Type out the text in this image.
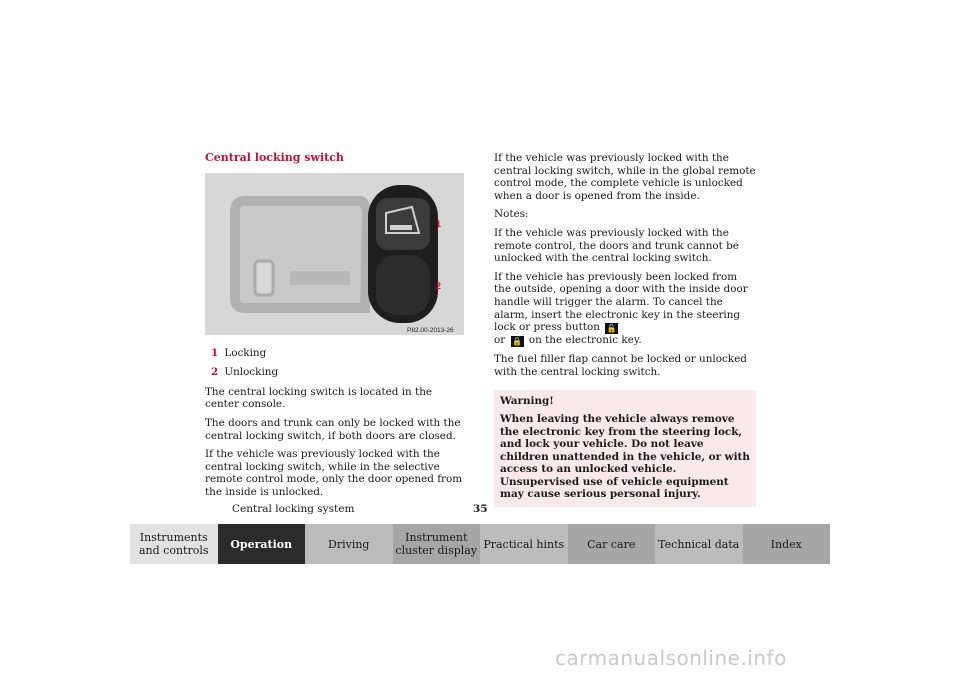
Central locking switch
1
2
P82.00-2013-26
1 Locking
2 Unlocking

The central locking switch is located in the center console.

The doors and trunk can only be locked with the central locking switch, if both doors are closed.

If the vehicle was previously locked with the central locking switch, while in the selective remote control mode, only the door opened from the inside is unlocked.

If the vehicle was previously locked with the central locking switch, while in the global remote control mode, the complete vehicle is unlocked when a door is opened from the inside.

Notes:

If the vehicle was previously locked with the remote control, the doors and trunk cannot be unlocked with the central locking switch.

If the vehicle has previously been locked from the outside, opening a door with the inside door handle will trigger the alarm. To cancel the alarm, insert the electronic key in the steering lock or press button 🔓
or 🔒 on the electronic key.

The fuel filler flap cannot be locked or unlocked with the central locking switch.

Warning!
When leaving the vehicle always remove the electronic key from the steering lock, and lock your vehicle. Do not leave children unattended in the vehicle, or with access to an unlocked vehicle. Unsupervised use of vehicle equipment may cause serious personal injury.
Central locking system	35
Instruments and controls	Operation	Driving	Instrument cluster display Practical hints	Car care	Technical data	Index
carmanualsonline.info
